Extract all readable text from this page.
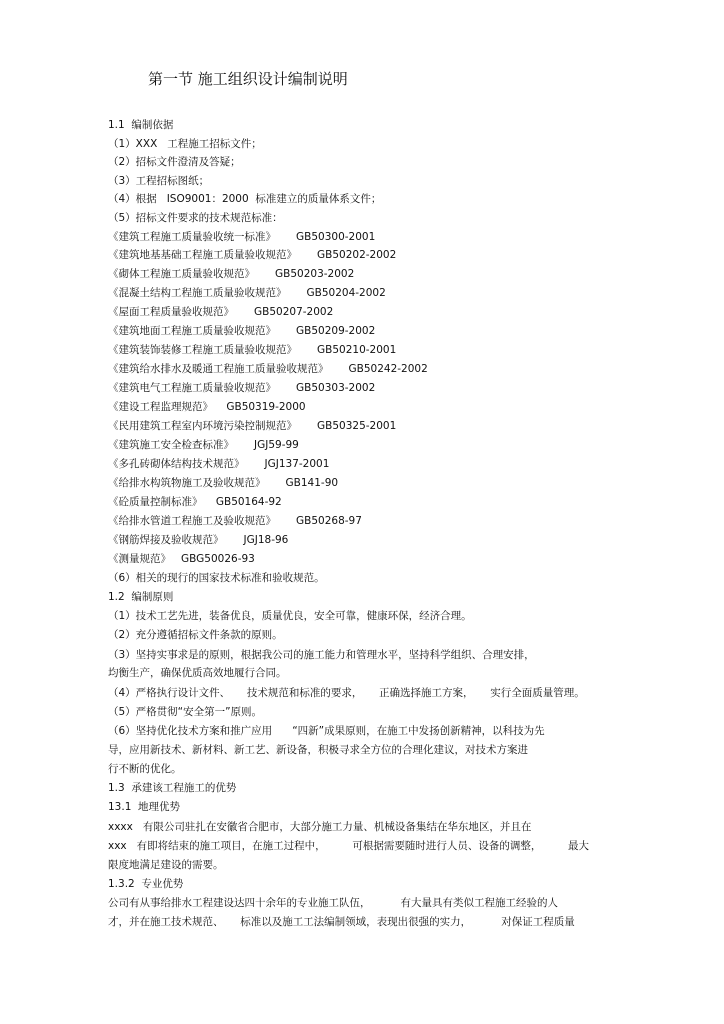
第一节 施工组织设计编制说明
1.1  编制依据
（1）XXX   工程施工招标文件；
（2）招标文件澄清及答疑；
（3）工程招标图纸；
（4）根据   ISO9001：2000  标准建立的质量体系文件；
（5）招标文件要求的技术规范标准：
《建筑工程施工质量验收统一标准》      GB50300-2001
《建筑地基基础工程施工质量验收规范》      GB50202-2002
《砌体工程施工质量验收规范》      GB50203-2002
《混凝土结构工程施工质量验收规范》      GB50204-2002
《屋面工程质量验收规范》      GB50207-2002
《建筑地面工程施工质量验收规范》      GB50209-2002
《建筑装饰装修工程施工质量验收规范》      GB50210-2001
《建筑给水排水及暖通工程施工质量验收规范》      GB50242-2002
《建筑电气工程施工质量验收规范》      GB50303-2002
《建设工程监理规范》    GB50319-2000
《民用建筑工程室内环境污染控制规范》      GB50325-2001
《建筑施工安全检查标准》      JGJ59-99
《多孔砖砌体结构技术规范》      JGJ137-2001
《给排水构筑物施工及验收规范》      GB141-90
《砼质量控制标准》    GB50164-92
《给排水管道工程施工及验收规范》      GB50268-97
《钢筋焊接及验收规范》      JGJ18-96
《测量规范》   GBG50026-93
（6）相关的现行的国家技术标准和验收规范。
1.2  编制原则
（1）技术工艺先进，装备优良，质量优良，安全可靠，健康环保，经济合理。
（2）充分遵循招标文件条款的原则。
（3）坚持实事求是的原则，根据我公司的施工能力和管理水平，坚持科学组织、合理安排，
均衡生产，确保优质高效地履行合同。
（4）严格执行设计文件、     技术规范和标准的要求，     正确选择施工方案，     实行全面质量管理。
（5）严格贯彻“安全第一”原则。
（6）坚持优化技术方案和推广应用      “四新”成果原则，在施工中发扬创新精神，以科技为先
导，应用新技术、新材料、新工艺、新设备，积极寻求全方位的合理化建议，对技术方案进
行不断的优化。
1.3  承建该工程施工的优势
13.1  地理优势
xxxx   有限公司驻扎在安徽省合肥市，大部分施工力量、机械设备集结在华东地区，并且在
xxx   有即将结束的施工项目，在施工过程中，        可根据需要随时进行人员、设备的调整，        最大
限度地满足建设的需要。
1.3.2  专业优势
公司有从事给排水工程建设达四十余年的专业施工队伍，         有大量具有类似工程施工经验的人
才，并在施工技术规范、     标准以及施工工法编制领域，表现出很强的实力，         对保证工程质量
